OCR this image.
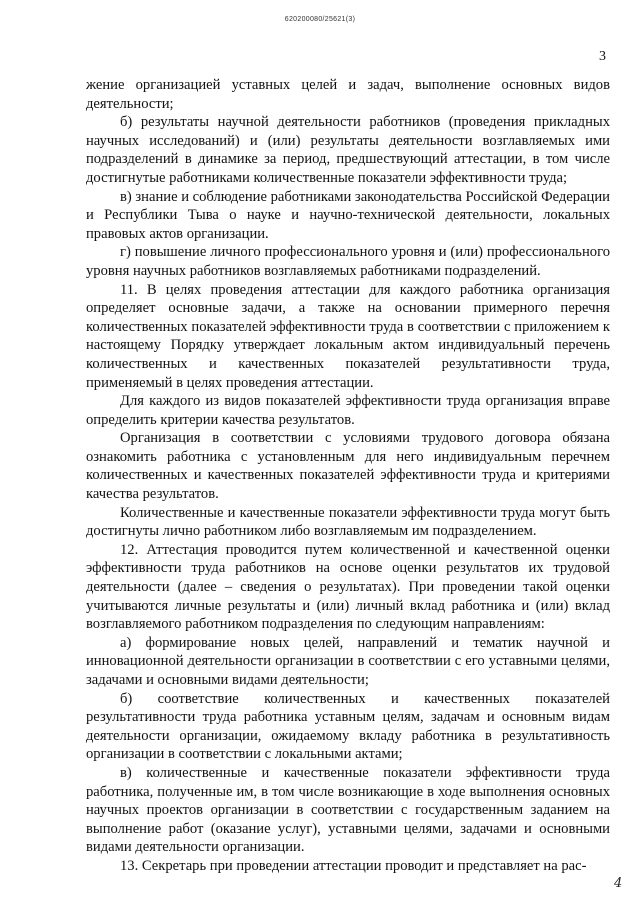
620200080/25621(3)
3

жение организацией уставных целей и задач, выполнение основных видов деятельности;

б) результаты научной деятельности работников (проведения прикладных научных исследований) и (или) результаты деятельности возглавляемых ими подразделений в динамике за период, предшествующий аттестации, в том числе достигнутые работниками количественные показатели эффективности труда;

в) знание и соблюдение работниками законодательства Российской Федерации и Республики Тыва о науке и научно-технической деятельности, локальных правовых актов организации.

г) повышение личного профессионального уровня и (или) профессионального уровня научных работников возглавляемых работниками подразделений.

11. В целях проведения аттестации для каждого работника организация определяет основные задачи, а также на основании примерного перечня количественных показателей эффективности труда в соответствии с приложением к настоящему Порядку утверждает локальным актом индивидуальный перечень количественных и качественных показателей результативности труда, применяемый в целях проведения аттестации.

Для каждого из видов показателей эффективности труда организация вправе определить критерии качества результатов.

Организация в соответствии с условиями трудового договора обязана ознакомить работника с установленным для него индивидуальным перечнем количественных и качественных показателей эффективности труда и критериями качества результатов.

Количественные и качественные показатели эффективности труда могут быть достигнуты лично работником либо возглавляемым им подразделением.

12. Аттестация проводится путем количественной и качественной оценки эффективности труда работников на основе оценки результатов их трудовой деятельности (далее – сведения о результатах). При проведении такой оценки учитываются личные результаты и (или) личный вклад работника и (или) вклад возглавляемого работником подразделения по следующим направлениям:

а) формирование новых целей, направлений и тематик научной и инновационной деятельности организации в соответствии с его уставными целями, задачами и основными видами деятельности;

б) соответствие количественных и качественных показателей результативности труда работника уставным целям, задачам и основным видам деятельности организации, ожидаемому вкладу работника в результативность организации в соответствии с локальными актами;

в) количественные и качественные показатели эффективности труда работника, полученные им, в том числе возникающие в ходе выполнения основных научных проектов организации в соответствии с государственным заданием на выполнение работ (оказание услуг), уставными целями, задачами и основными видами деятельности организации.

13. Секретарь при проведении аттестации проводит и представляет на рас-

4
